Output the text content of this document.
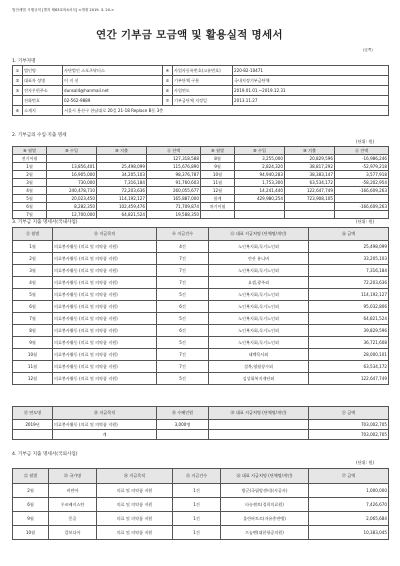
법인세법 시행규칙 [별지 제63호의4서식] <개정 2019. 3. 20.>
연간 기부금 모금액 및 활용실적 명세서
(앞쪽)
1. 기부자명
①	법인명	사단법인 스포츠닥터스	④	사업자등록번호(고유번호)	220-82-10471
②	대표자 성명	이 지 선	⑤	기부단체 구분	국내지정기부금단체
③	전자우편주소	dunsal4@hanmail.net	⑥	사업연도	2019.01.01.~2019.12.31
	전화번호	02-562-9889	⑦	기부금단체 지정일	2013.11.27
⑥	소재지	서울시 용산구 한남대로 20길 21-18 Replace B동 3층			
2. 기부금의 수입·지출 명세
(단위: 원)
⑧ 월별	⑨ 수입	⑩ 지출	⑪ 잔액	⑧ 월별	⑨ 수입	⑩ 지출	⑪ 잔액
전기이월			127,318,588	8월	3,255,000	20,829,596	-16,986,246
1월	13,856,401	25,498,099	115,676,890	9월	2,824,320	38,817,292	-52,979,218
2월	16,905,000	34,205,103	98,376,787	10월	94,940,283	38,383,147	3,577,918
3월	730,000	7,316,184	91,760,603	11월	1,753,300	63,534,172	-58,202,954
4월	240,478,710	72,203,636	260,055,677	12월	14,241,440	122,647,749	-166,609,263
5월	20,023,450	114,192,127	165,887,000	합계	429,980,254	723,908,105	
6월	8,282,350	102,459,476	71,709,874	차기이월			-166,609,263
7월	12,700,000	64,821,524	19,588,350				
3. 기부금 지출 명세서(국내사업)	(단위: 원)
⑫ 월별	⑬ 지급목적	⑭ 지급건수	⑮ 대표 지급처명 (단체명/개인)	⑯ 금액
1월	의료봉사활동 (의료 및 의약품 지원)	4건	노인복지회,독거노인외	25,498,099
2월	의료봉사활동 (의료 및 의약품 지원)	7건	안산 유니버	33,205,103
3월	의료봉사활동 (의료 및 의약품 지원)	7건	노인복지회,독거노인외	7,316,184
4월	의료봉사활동 (의료 및 의약품 지원)	7건	요셉,광주외	72,203,636
5월	의료봉사활동 (의료 및 의약품 지원)	5건	노인복지회,독거노인외	114,192,127
6월	의료봉사활동 (의료 및 의약품 지원)	6건	노인복지회,독거노인외	95,032,806
7월	의료봉사활동 (의료 및 의약품 지원)	5건	노인복지회,독거노인외	64,821,524
8월	의료봉사활동 (의료 및 의약품 지원)	6건	노인복지회,독거노인외	39,829,596
9월	의료봉사활동 (의료 및 의약품 지원)	5건	노인복지회,독거노인외	36,721,608
10월	의료봉사활동 (의료 및 의약품 지원)	7건	태백목사외	28,000,101
11월	의료봉사활동 (의료 및 의약품 지원)	7건	성북,영월장수외	63,534,172
12월	의료봉사활동 (의료 및 의약품 지원)	5건	김상회복지재단외	122,647,749
⑰ 연도명	⑱ 지급목적	⑲ 수혜인원	⑳ 대표 지급처명 (단체명/개인)	㉑ 금액
2019년	의료봉사활동 (의료 및 의약품 지원)	3,000명		703,002,705
	계			703,002,705
4. 기부금 지출 명세서(국외사업)
(단위: 원)
㉒ 월별	㉓ 국가명	㉔ 지급목적	㉕ 지급건수	㉖ 대표 지급처명 (단체명/개인)	㉗ 금액
2월	비만아	의료 및 의약품 지원	1건	방군(국립암센터)(사공사)	1,000,000
6월	우즈베키스탄	의료 및 의약품 지원	1건	타슈켄트(경희의료원)	7,426,670
9월	몽골	의료 및 의약품 지원	1건	울란바토르(자유총연맹)	2,065,684
10월	캄보디아	의료 및 의약품 지원	1건	프놈펜(대한항공의원)	10,383,045
